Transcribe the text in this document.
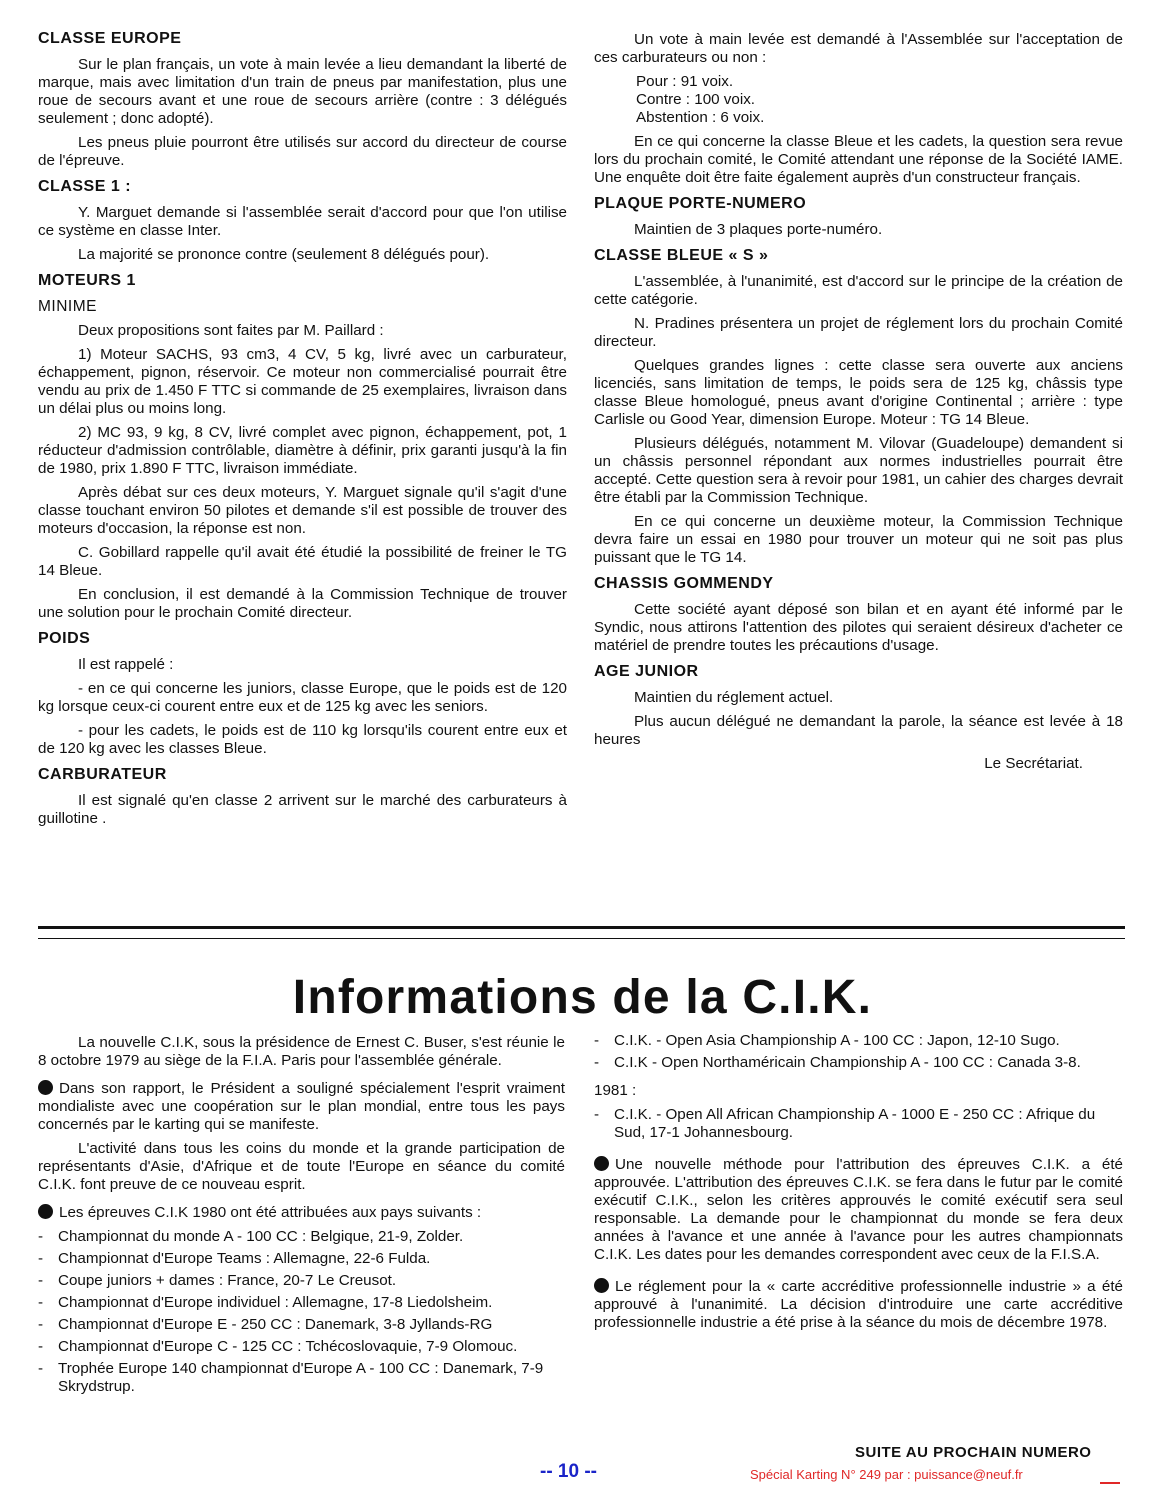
CLASSE EUROPE

Sur le plan français, un vote à main levée a lieu demandant la liberté de marque, mais avec limitation d'un train de pneus par manifestation, plus une roue de secours avant et une roue de secours arrière (contre : 3 délégués seulement ; donc adopté).

Les pneus pluie pourront être utilisés sur accord du directeur de course de l'épreuve.

CLASSE 1 :

Y. Marguet demande si l'assemblée serait d'accord pour que l'on utilise ce système en classe Inter.

La majorité se prononce contre (seulement 8 délégués pour).

MOTEURS 1
MINIME

Deux propositions sont faites par M. Paillard :

1) Moteur SACHS, 93 cm3, 4 CV, 5 kg, livré avec un carburateur, échappement, pignon, réservoir. Ce moteur non commercialisé pourrait être vendu au prix de 1.450 F TTC si commande de 25 exemplaires, livraison dans un délai plus ou moins long.

2) MC 93, 9 kg, 8 CV, livré complet avec pignon, échappement, pot, 1 réducteur d'admission contrôlable, diamètre à définir, prix garanti jusqu'à la fin de 1980, prix 1.890 F TTC, livraison immédiate.

Après débat sur ces deux moteurs, Y. Marguet signale qu'il s'agit d'une classe touchant environ 50 pilotes et demande s'il est possible de trouver des moteurs d'occasion, la réponse est non.

C. Gobillard rappelle qu'il avait été étudié la possibilité de freiner le TG 14 Bleue.

En conclusion, il est demandé à la Commission Technique de trouver une solution pour le prochain Comité directeur.

POIDS

Il est rappelé :

- en ce qui concerne les juniors, classe Europe, que le poids est de 120 kg lorsque ceux-ci courent entre eux et de 125 kg avec les seniors.

- pour les cadets, le poids est de 110 kg lorsqu'ils courent entre eux et de 120 kg avec les classes Bleue.

CARBURATEUR

Il est signalé qu'en classe 2 arrivent sur le marché des carburateurs à guillotine .

Un vote à main levée est demandé à l'Assemblée sur l'acceptation de ces carburateurs ou non :

Pour : 91 voix.
Contre : 100 voix.
Abstention : 6 voix.

En ce qui concerne la classe Bleue et les cadets, la question sera revue lors du prochain comité, le Comité attendant une réponse de la Société IAME. Une enquête doit être faite également auprès d'un constructeur français.

PLAQUE PORTE-NUMERO

Maintien de 3 plaques porte-numéro.

CLASSE BLEUE « S »

L'assemblée, à l'unanimité, est d'accord sur le principe de la création de cette catégorie.

N. Pradines présentera un projet de réglement lors du prochain Comité directeur.

Quelques grandes lignes : cette classe sera ouverte aux anciens licenciés, sans limitation de temps, le poids sera de 125 kg, châssis type classe Bleue homologué, pneus avant d'origine Continental ; arrière : type Carlisle ou Good Year, dimension Europe. Moteur : TG 14 Bleue.

Plusieurs délégués, notamment M. Vilovar (Guadeloupe) demandent si un châssis personnel répondant aux normes industrielles pourrait être accepté. Cette question sera à revoir pour 1981, un cahier des charges devrait être établi par la Commission Technique.

En ce qui concerne un deuxième moteur, la Commission Technique devra faire un essai en 1980 pour trouver un moteur qui ne soit pas plus puissant que le TG 14.

CHASSIS GOMMENDY

Cette société ayant déposé son bilan et en ayant été informé par le Syndic, nous attirons l'attention des pilotes qui seraient désireux d'acheter ce matériel de prendre toutes les précautions d'usage.

AGE JUNIOR

Maintien du réglement actuel.

Plus aucun délégué ne demandant la parole, la séance est levée à 18 heures

Le Secrétariat.
Informations de la C.I.K.

La nouvelle C.I.K, sous la présidence de Ernest C. Buser, s'est réunie le 8 octobre 1979 au siège de la F.I.A. Paris pour l'assemblée générale.

Dans son rapport, le Président a souligné spécialement l'esprit vraiment mondialiste avec une coopération sur le plan mondial, entre tous les pays concernés par le karting qui se manifeste.

L'activité dans tous les coins du monde et la grande participation de représentants d'Asie, d'Afrique et de toute l'Europe en séance du comité C.I.K. font preuve de ce nouveau esprit.

Les épreuves C.I.K 1980 ont été attribuées aux pays suivants :

- Championnat du monde A - 100 CC : Belgique, 21-9, Zolder.
- Championnat d'Europe Teams : Allemagne, 22-6 Fulda.
- Coupe juniors + dames : France, 20-7 Le Creusot.
- Championnat d'Europe individuel : Allemagne, 17-8 Liedolsheim.
- Championnat d'Europe E - 250 CC : Danemark, 3-8 Jyllands-RG
- Championnat d'Europe C - 125 CC : Tchécoslovaquie, 7-9 Olomouc.
- Trophée Europe 140 championnat d'Europe A - 100 CC : Danemark, 7-9 Skrydstrup.
- C.I.K. - Open Asia Championship A - 100 CC : Japon, 12-10 Sugo.
- C.I.K - Open Northaméricain Championship A - 100 CC : Canada 3-8.

1981 :

- C.I.K. - Open All African Championship A - 1000 E - 250 CC : Afrique du Sud, 17-1 Johannesbourg.

Une nouvelle méthode pour l'attribution des épreuves C.I.K. a été approuvée. L'attribution des épreuves C.I.K. se fera dans le futur par le comité exécutif C.I.K., selon les critères approuvés le comité exécutif sera seul responsable. La demande pour le championnat du monde se fera deux années à l'avance et une année à l'avance pour les autres championnats C.I.K. Les dates pour les demandes correspondent avec ceux de la F.I.S.A.

Le réglement pour la « carte accréditive professionnelle industrie » a été approuvé à l'unanimité. La décision d'introduire une carte accréditive professionnelle industrie a été prise à la séance du mois de décembre 1978.

SUITE AU PROCHAIN NUMERO
-- 10 --	Spécial Karting N° 249 par : puissance@neuf.fr
